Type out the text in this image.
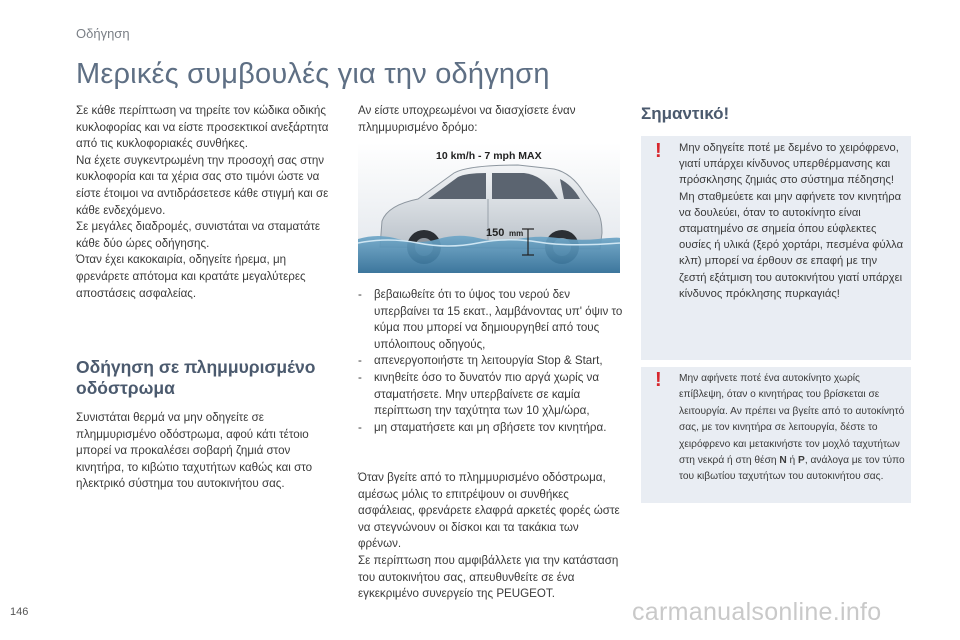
Οδήγηση
Μερικές συμβουλές για την οδήγηση

Σε κάθε περίπτωση να τηρείτε τον κώδικα οδικής κυκλοφορίας και να είστε προσεκτικοί ανεξάρτητα από τις κυκλοφοριακές συνθήκες.

Να έχετε συγκεντρωμένη την προσοχή σας στην κυκλοφορία και τα χέρια σας στο τιμόνι ώστε να είστε έτοιμοι να αντιδράσετεσε κάθε στιγμή και σε κάθε ενδεχόμενο.

Σε μεγάλες διαδρομές, συνιστάται να σταματάτε κάθε δύο ώρες οδήγησης.

Όταν έχει κακοκαιρία, οδηγείτε ήρεμα, μη φρενάρετε απότομα και κρατάτε μεγαλύτερες αποστάσεις ασφαλείας.

Οδήγηση σε πλημμυρισμένο οδόστρωμα

Συνιστάται θερμά να μην οδηγείτε σε πλημμυρισμένο οδόστρωμα, αφού κάτι τέτοιο μπορεί να προκαλέσει σοβαρή ζημιά στον κινητήρα, το κιβώτιο ταχυτήτων καθώς και στο ηλεκτρικό σύστημα του αυτοκινήτου σας.

Αν είστε υποχρεωμένοι να διασχίσετε έναν πλημμυρισμένο δρόμο:

150 mm
10 km/h - 7 mph MAX
-	βεβαιωθείτε ότι το ύψος του νερού δεν υπερβαίνει τα 15 εκατ., λαμβάνοντας υπ' όψιν το κύμα που μπορεί να δημιουργηθεί από τους υπόλοιπους οδηγούς,
-	απενεργοποιήστε τη λειτουργία Stop & Start,
-	κινηθείτε όσο το δυνατόν πιο αργά χωρίς να σταματήσετε. Μην υπερβαίνετε σε καμία περίπτωση την ταχύτητα των 10 χλμ/ώρα,
-	μη σταματήσετε και μη σβήσετε τον κινητήρα.

Όταν βγείτε από το πλημμυρισμένο οδόστρωμα, αμέσως μόλις το επιτρέψουν οι συνθήκες ασφάλειας, φρενάρετε ελαφρά αρκετές φορές ώστε να στεγνώνουν οι δίσκοι και τα τακάκια των φρένων.

Σε περίπτωση που αμφιβάλλετε για την κατάσταση του αυτοκινήτου σας, απευθυνθείτε σε ένα εγκεκριμένο συνεργείο της PEUGEOT.

Σημαντικό!
! Μην οδηγείτε ποτέ με δεμένο το χειρόφρενο, γιατί υπάρχει κίνδυνος υπερθέρμανσης και πρόσκλησης ζημιάς στο σύστημα πέδησης!
Μη σταθμεύετε και μην αφήνετε τον κινητήρα να δουλεύει, όταν το αυτοκίνητο είναι σταματημένο σε σημεία όπου εύφλεκτες ουσίες ή υλικά (ξερό χορτάρι, πεσμένα φύλλα κλπ) μπορεί να έρθουν σε επαφή με την ζεστή εξάτμιση του αυτοκινήτου γιατί υπάρχει κίνδυνος πρόκλησης πυρκαγιάς!
! Μην αφήνετε ποτέ ένα αυτοκίνητο χωρίς επίβλεψη, όταν ο κινητήρας του βρίσκεται σε λειτουργία. Αν πρέπει να βγείτε από το αυτοκίνητό σας, με τον κινητήρα σε λειτουργία, δέστε το χειρόφρενο και μετακινήστε τον μοχλό ταχυτήτων στη νεκρά ή στη θέση N ή P, ανάλογα με τον τύπο του κιβωτίου ταχυτήτων του αυτοκινήτου σας.
146	carmanualsonline.info
